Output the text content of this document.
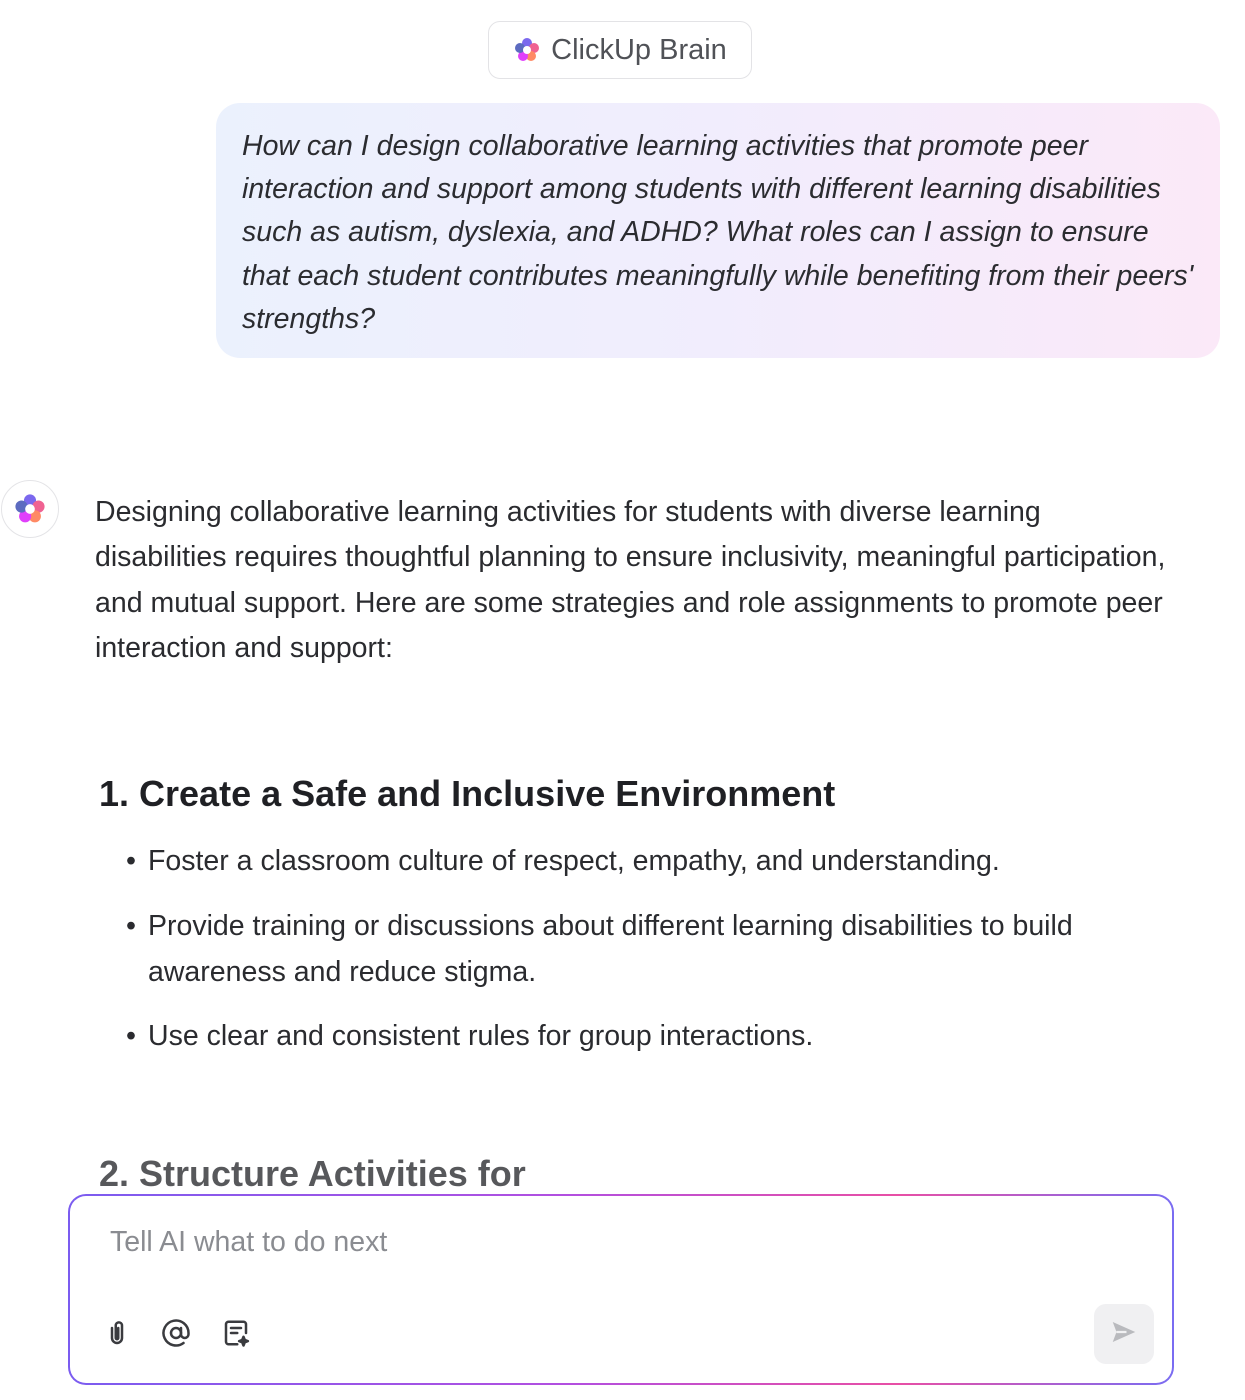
ClickUp Brain

How can I design collaborative learning activities that promote peer interaction and support among students with different learning disabilities such as autism, dyslexia, and ADHD? What roles can I assign to ensure that each student contributes meaningfully while benefiting from their peers' strengths?

Designing collaborative learning activities for students with diverse learning disabilities requires thoughtful planning to ensure inclusivity, meaningful participation, and mutual support. Here are some strategies and role assignments to promote peer interaction and support:

1. Create a Safe and Inclusive Environment
• Foster a classroom culture of respect, empathy, and understanding.
• Provide training or discussions about different learning disabilities to build awareness and reduce stigma.
• Use clear and consistent rules for group interactions.
2. Structure Activities for
Tell AI what to do next
